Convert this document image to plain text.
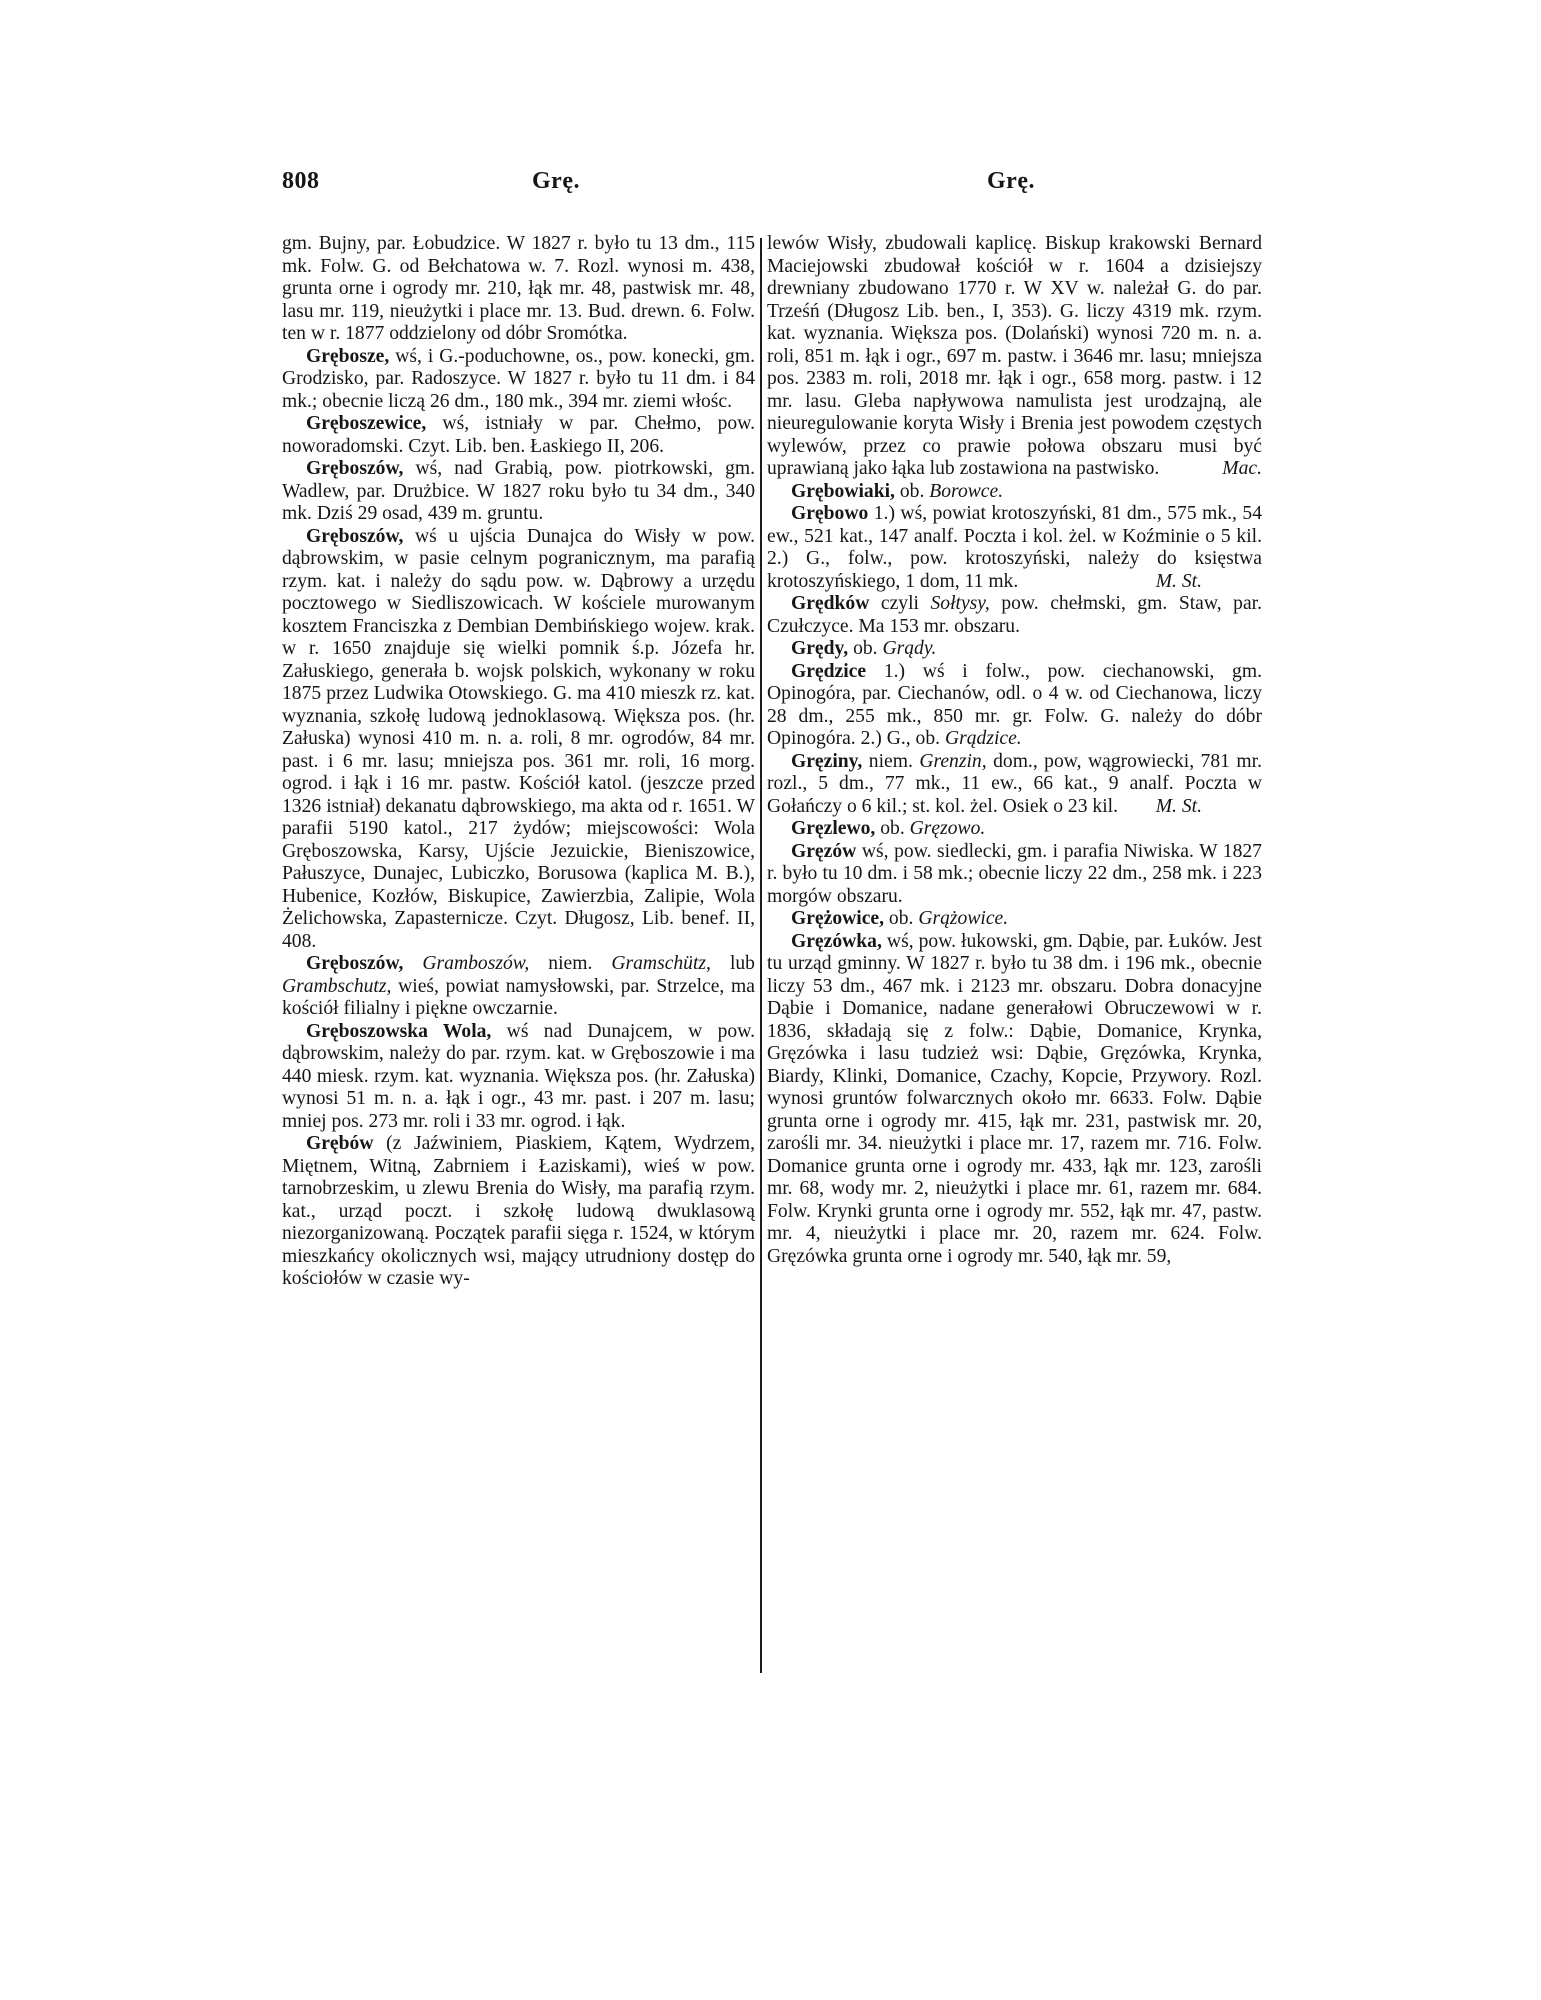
808	Grę.	Grę.

gm. Bujny, par. Łobudzice. W 1827 r. było tu 13 dm., 115 mk. Folw. G. od Bełchatowa w. 7. Rozl. wynosi m. 438, grunta orne i ogrody mr. 210, łąk mr. 48, pastwisk mr. 48, lasu mr. 119, nieużytki i place mr. 13. Bud. drewn. 6. Folw. ten w r. 1877 oddzielony od dóbr Sromótka.

Grębosze, wś, i G.-poduchowne, os., pow. konecki, gm. Grodzisko, par. Radoszyce. W 1827 r. było tu 11 dm. i 84 mk.; obecnie liczą 26 dm., 180 mk., 394 mr. ziemi włośc.

Gręboszewice, wś, istniały w par. Chełmo, pow. noworadomski. Czyt. Lib. ben. Łaskiego II, 206.

Gręboszów, wś, nad Grabią, pow. piotrkowski, gm. Wadlew, par. Drużbice. W 1827 roku było tu 34 dm., 340 mk. Dziś 29 osad, 439 m. gruntu.

Gręboszów, wś u ujścia Dunajca do Wisły w pow. dąbrowskim, w pasie celnym pogranicznym, ma parafią rzym. kat. i należy do sądu pow. w. Dąbrowy a urzędu pocztowego w Siedliszowicach. W kościele murowanym kosztem Franciszka z Dembian Dembińskiego wojew. krak. w r. 1650 znajduje się wielki pomnik ś.p. Józefa hr. Załuskiego, generała b. wojsk polskich, wykonany w roku 1875 przez Ludwika Otowskiego. G. ma 410 mieszk rz. kat. wyznania, szkołę ludową jednoklasową. Większa pos. (hr. Załuska) wynosi 410 m. n. a. roli, 8 mr. ogrodów, 84 mr. past. i 6 mr. lasu; mniejsza pos. 361 mr. roli, 16 morg. ogrod. i łąk i 16 mr. pastw. Kościół katol. (jeszcze przed 1326 istniał) dekanatu dąbrowskiego, ma akta od r. 1651. W parafii 5190 katol., 217 żydów; miejscowości: Wola Gręboszowska, Karsy, Ujście Jezuickie, Bieniszowice, Pałuszyce, Dunajec, Lubiczko, Borusowa (kaplica M. B.), Hubenice, Kozłów, Biskupice, Zawierzbia, Zalipie, Wola Żelichowska, Zapasternicze. Czyt. Długosz, Lib. benef. II, 408.

Gręboszów, Gramboszów, niem. Gramschütz, lub Grambschutz, wieś, powiat namysłowski, par. Strzelce, ma kościół filialny i piękne owczarnie.

Gręboszowska Wola, wś nad Dunajcem, w pow. dąbrowskim, należy do par. rzym. kat. w Gręboszowie i ma 440 miesk. rzym. kat. wyznania. Większa pos. (hr. Załuska) wynosi 51 m. n. a. łąk i ogr., 43 mr. past. i 207 m. lasu; mniej pos. 273 mr. roli i 33 mr. ogrod. i łąk.

Grębów (z Jaźwiniem, Piaskiem, Kątem, Wydrzem, Miętnem, Witną, Zabrniem i Łaziskami), wieś w pow. tarnobrzeskim, u zlewu Brenia do Wisły, ma parafią rzym. kat., urząd poczt. i szkołę ludową dwuklasową niezorganizowaną. Początek parafii sięga r. 1524, w którym mieszkańcy okolicznych wsi, mający utrudniony dostęp do kościołów w czasie wy-

lewów Wisły, zbudowali kaplicę. Biskup krakowski Bernard Maciejowski zbudował kościół w r. 1604 a dzisiejszy drewniany zbudowano 1770 r. W XV w. należał G. do par. Trześń (Długosz Lib. ben., I, 353). G. liczy 4319 mk. rzym. kat. wyznania. Większa pos. (Dolański) wynosi 720 m. n. a. roli, 851 m. łąk i ogr., 697 m. pastw. i 3646 mr. lasu; mniejsza pos. 2383 m. roli, 2018 mr. łąk i ogr., 658 morg. pastw. i 12 mr. lasu. Gleba napływowa namulista jest urodzajną, ale nieuregulowanie koryta Wisły i Brenia jest powodem częstych wylewów, przez co prawie połowa obszaru musi być uprawianą jako łąka lub zostawiona na pastwisko.	Mac.

Grębowiaki, ob. Borowce.

Grębowo 1.) wś, powiat krotoszyński, 81 dm., 575 mk., 54 ew., 521 kat., 147 analf. Poczta i kol. żel. w Koźminie o 5 kil. 2.) G., folw., pow. krotoszyński, należy do księstwa krotoszyńskiego, 1 dom, 11 mk.	M. St.

Grędków czyli Sołtysy, pow. chełmski, gm. Staw, par. Czułczyce. Ma 153 mr. obszaru.

Grędy, ob. Grądy.

Grędzice 1.) wś i folw., pow. ciechanowski, gm. Opinogóra, par. Ciechanów, odl. o 4 w. od Ciechanowa, liczy 28 dm., 255 mk., 850 mr. gr. Folw. G. należy do dóbr Opinogóra. 2.) G., ob. Grądzice.

Gręziny, niem. Grenzin, dom., pow, wągrowiecki, 781 mr. rozl., 5 dm., 77 mk., 11 ew., 66 kat., 9 analf. Poczta w Gołańczy o 6 kil.; st. kol. żel. Osiek o 23 kil.	M. St.

Gręzlewo, ob. Gręzowo.

Gręzów wś, pow. siedlecki, gm. i parafia Niwiska. W 1827 r. było tu 10 dm. i 58 mk.; obecnie liczy 22 dm., 258 mk. i 223 morgów obszaru.

Grężowice, ob. Grążowice.

Gręzówka, wś, pow. łukowski, gm. Dąbie, par. Łuków. Jest tu urząd gminny. W 1827 r. było tu 38 dm. i 196 mk., obecnie liczy 53 dm., 467 mk. i 2123 mr. obszaru. Dobra donacyjne Dąbie i Domanice, nadane generałowi Obruczewowi w r. 1836, składają się z folw.: Dąbie, Domanice, Krynka, Gręzówka i lasu tudzież wsi: Dąbie, Gręzówka, Krynka, Biardy, Klinki, Domanice, Czachy, Kopcie, Przywory. Rozl. wynosi gruntów folwarcznych około mr. 6633. Folw. Dąbie grunta orne i ogrody mr. 415, łąk mr. 231, pastwisk mr. 20, zarośli mr. 34. nieużytki i place mr. 17, razem mr. 716. Folw. Domanice grunta orne i ogrody mr. 433, łąk mr. 123, zarośli mr. 68, wody mr. 2, nieużytki i place mr. 61, razem mr. 684. Folw. Krynki grunta orne i ogrody mr. 552, łąk mr. 47, pastw. mr. 4, nieużytki i place mr. 20, razem mr. 624. Folw. Gręzówka grunta orne i ogrody mr. 540, łąk mr. 59,
